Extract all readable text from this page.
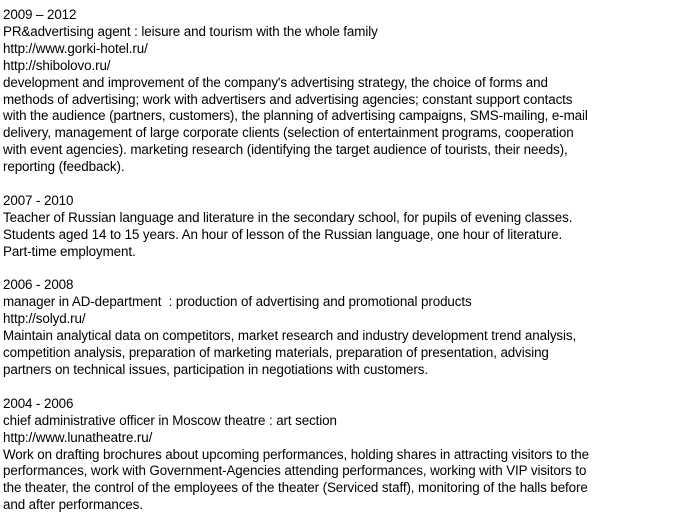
2009 – 2012
PR&advertising agent : leisure and tourism with the whole family
http://www.gorki-hotel.ru/
http://shibolovo.ru/
development and improvement of the company's advertising strategy, the choice of forms and
methods of advertising; work with advertisers and advertising agencies; constant support contacts
with the audience (partners, customers), the planning of advertising campaigns, SMS-mailing, e-mail
delivery, management of large corporate clients (selection of entertainment programs, cooperation
with event agencies). marketing research (identifying the target audience of tourists, their needs),
reporting (feedback).
2007 - 2010
Teacher of Russian language and literature in the secondary school, for pupils of evening classes.
Students aged 14 to 15 years. An hour of lesson of the Russian language, one hour of literature.
Part-time employment.
2006 - 2008
manager in AD-department  : production of advertising and promotional products
http://solyd.ru/
Maintain analytical data on competitors, market research and industry development trend analysis,
competition analysis, preparation of marketing materials, preparation of presentation, advising
partners on technical issues, participation in negotiations with customers.
2004 - 2006
chief administrative officer in Moscow theatre : art section
http://www.lunatheatre.ru/
Work on drafting brochures about upcoming performances, holding shares in attracting visitors to the
performances, work with Government-Agencies attending performances, working with VIP visitors to
the theater, the control of the employees of the theater (Serviced staff), monitoring of the halls before
and after performances.
